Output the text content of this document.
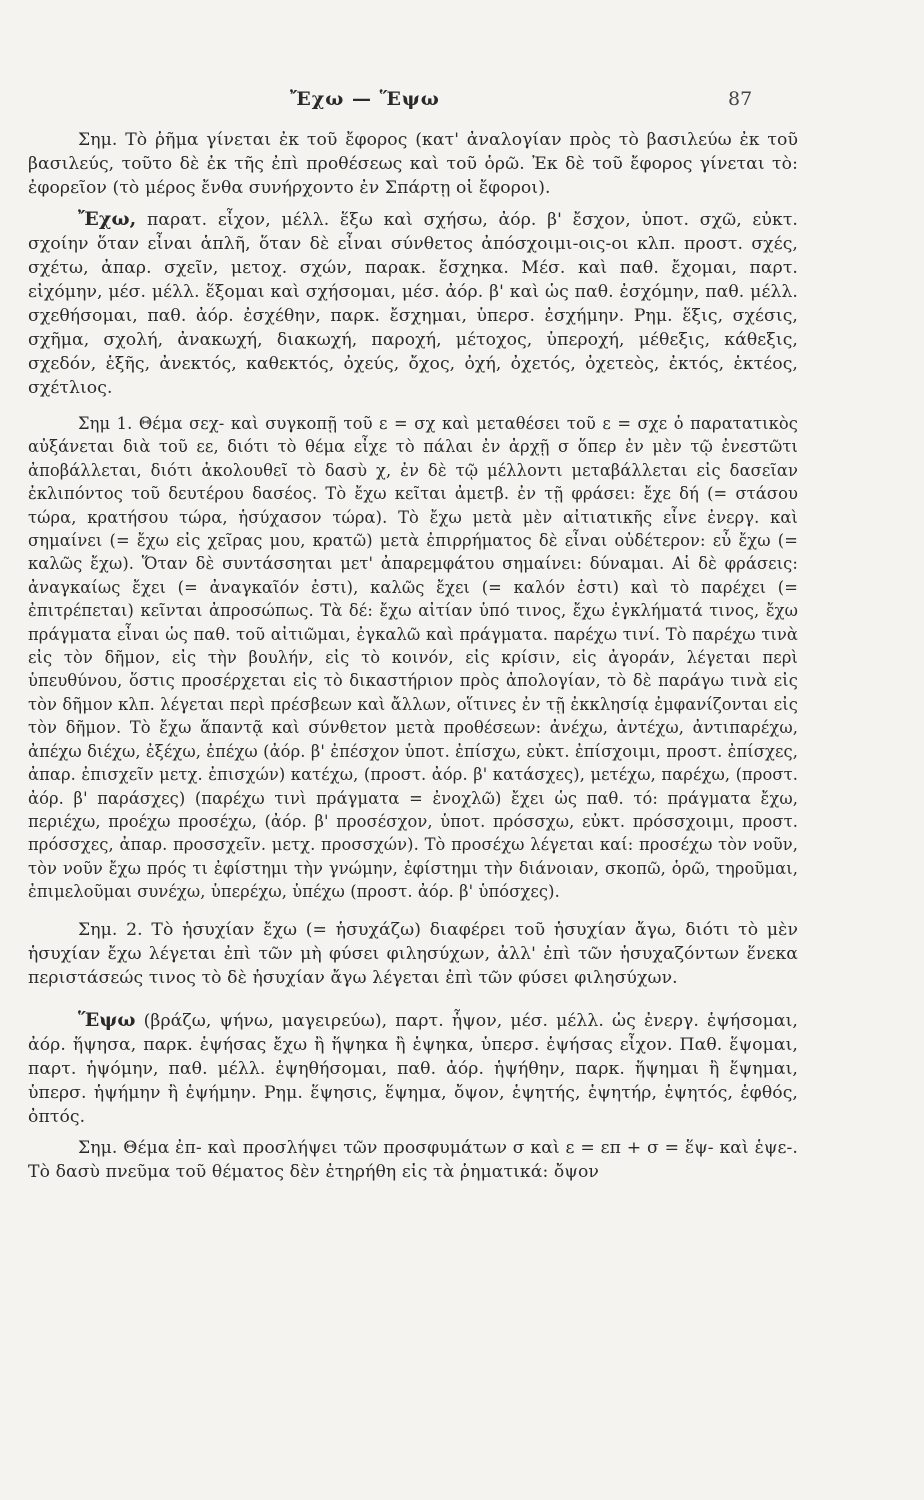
Ἔχω — Ἕψω	87

Σημ. Τὸ ῥῆμα γίνεται ἐκ τοῦ ἔφορος (κατ' ἀναλογίαν πρὸς τὸ βασιλεύω ἐκ τοῦ βασιλεύς, τοῦτο δὲ ἐκ τῆς ἐπὶ προθέσεως καὶ τοῦ ὁρῶ. Ἐκ δὲ τοῦ ἔφορος γίνεται τὸ: ἐφορεῖον (τὸ μέρος ἔνθα συνήρχοντο ἐν Σπάρτῃ οἱ ἔφοροι).

Ἔχω, παρατ. εἶχον, μέλλ. ἕξω καὶ σχήσω, ἀόρ. β' ἔσχον, ὑποτ. σχῶ, εὐκτ. σχοίην ὅταν εἶναι ἁπλῆ, ὅταν δὲ εἶναι σύνθετος ἀπόσχοιμι-οις-οι κλπ. προστ. σχές, σχέτω, ἀπαρ. σχεῖν, μετοχ. σχών, παρακ. ἔσχηκα. Μέσ. καὶ παθ. ἔχομαι, παρτ. εἰχόμην, μέσ. μέλλ. ἕξομαι καὶ σχήσομαι, μέσ. ἀόρ. β' καὶ ὡς παθ. ἐσχόμην, παθ. μέλλ. σχεθήσομαι, παθ. ἀόρ. ἐσχέθην, παρκ. ἔσχημαι, ὑπερσ. ἐσχήμην. Ρημ. ἕξις, σχέσις, σχῆμα, σχολή, ἀνακωχή, διακωχή, παροχή, μέτοχος, ὑπεροχή, μέθεξις, κάθεξις, σχεδόν, ἑξῆς, ἀνεκτός, καθεκτός, ὀχεύς, ὄχος, ὀχή, ὀχετός, ὀχετεὸς, ἐκτός, ἑκτέος, σχέτλιος.

Σημ 1. Θέμα σεχ- καὶ συγκοπῇ τοῦ ε = σχ καὶ μεταθέσει τοῦ ε = σχε ὁ παρατατικὸς αὐξάνεται διὰ τοῦ εε, διότι τὸ θέμα εἶχε τὸ πάλαι ἐν ἀρχῇ σ ὅπερ ἐν μὲν τῷ ἐνεστῶτι ἀποβάλλεται, διότι ἀκολουθεῖ τὸ δασὺ χ, ἐν δὲ τῷ μέλλοντι μεταβάλλεται εἰς δασεῖαν ἐκλιπόντος τοῦ δευτέρου δασέος. Τὸ ἔχω κεῖται ἀμετβ. ἐν τῇ φράσει: ἔχε δή (= στάσου τώρα, κρατήσου τώρα, ἡσύχασον τώρα). Τὸ ἔχω μετὰ μὲν αἰτιατικῆς εἶνε ἐνεργ. καὶ σημαίνει (= ἔχω εἰς χεῖρας μου, κρατῶ) μετὰ ἐπιρρήματος δὲ εἶναι οὐδέτερον: εὖ ἔχω (= καλῶς ἔχω). Ὅταν δὲ συντάσσηται μετ' ἀπαρεμφάτου σημαίνει: δύναμαι. Αἱ δὲ φράσεις: ἀναγκαίως ἔχει (= ἀναγκαῖόν ἐστι), καλῶς ἔχει (= καλόν ἐστι) καὶ τὸ παρέχει (= ἐπιτρέπεται) κεῖνται ἀπροσώπως. Τὰ δέ: ἔχω αἰτίαν ὑπό τινος, ἔχω ἐγκλήματά τινος, ἔχω πράγματα εἶναι ὡς παθ. τοῦ αἰτιῶμαι, ἐγκαλῶ καὶ πράγματα. παρέχω τινί. Τὸ παρέχω τινὰ εἰς τὸν δῆμον, εἰς τὴν βουλήν, εἰς τὸ κοινόν, εἰς κρίσιν, εἰς ἀγοράν, λέγεται περὶ ὑπευθύνου, ὅστις προσέρχεται εἰς τὸ δικαστήριον πρὸς ἀπολογίαν, τὸ δὲ παράγω τινὰ εἰς τὸν δῆμον κλπ. λέγεται περὶ πρέσβεων καὶ ἄλλων, οἵτινες ἐν τῇ ἐκκλησίᾳ ἐμφανίζονται εἰς τὸν δῆμον. Τὸ ἔχω ἅπαντᾷ καὶ σύνθετον μετὰ προθέσεων: ἀνέχω, ἀντέχω, ἀντιπαρέχω, ἀπέχω διέχω, ἐξέχω, ἐπέχω (ἀόρ. β' ἐπέσχον ὑποτ. ἐπίσχω, εὐκτ. ἐπίσχοιμι, προστ. ἐπίσχες, ἀπαρ. ἐπισχεῖν μετχ. ἐπισχών) κατέχω, (προστ. ἀόρ. β' κατάσχες), μετέχω, παρέχω, (προστ. ἀόρ. β' παράσχες) (παρέχω τινὶ πράγματα = ἐνοχλῶ) ἔχει ὡς παθ. τό: πράγματα ἔχω, περιέχω, προέχω προσέχω, (ἀόρ. β' προσέσχον, ὑποτ. πρόσσχω, εὐκτ. πρόσσχοιμι, προστ. πρόσσχες, ἀπαρ. προσσχεῖν. μετχ. προσσχών). Τὸ προσέχω λέγεται καί: προσέχω τὸν νοῦν, τὸν νοῦν ἔχω πρός τι ἐφίστημι τὴν γνώμην, ἐφίστημι τὴν διάνοιαν, σκοπῶ, ὁρῶ, τηροῦμαι, ἐπιμελοῦμαι συνέχω, ὑπερέχω, ὑπέχω (προστ. ἀόρ. β' ὑπόσχες).

Σημ. 2. Τὸ ἡσυχίαν ἔχω (= ἡσυχάζω) διαφέρει τοῦ ἡσυχίαν ἄγω, διότι τὸ μὲν ἡσυχίαν ἔχω λέγεται ἐπὶ τῶν μὴ φύσει φιλησύχων, ἀλλ' ἐπὶ τῶν ἡσυχαζόντων ἕνεκα περιστάσεώς τινος τὸ δὲ ἡσυχίαν ἄγω λέγεται ἐπὶ τῶν φύσει φιλησύχων.

Ἕψω (βράζω, ψήνω, μαγειρεύω), παρτ. ἧψον, μέσ. μέλλ. ὡς ἐνεργ. ἑψήσομαι, ἀόρ. ἥψησα, παρκ. ἑψήσας ἔχω ἢ ἥψηκα ἢ ἑψηκα, ὑπερσ. ἑψήσας εἶχον. Παθ. ἕψομαι, παρτ. ἡψόμην, παθ. μέλλ. ἑψηθήσομαι, παθ. ἀόρ. ἡψήθην, παρκ. ἥψημαι ἢ ἕψημαι, ὑπερσ. ἡψήμην ἢ ἑψήμην. Ρημ. ἕψησις, ἕψημα, ὄψον, ἑψητής, ἑψητήρ, ἑψητός, ἑφθός, ὀπτός.

Σημ. Θέμα ἐπ- καὶ προσλήψει τῶν προσφυμάτων σ καὶ ε = επ + σ = ἕψ- καὶ ἑψε-. Τὸ δασὺ πνεῦμα τοῦ θέματος δὲν ἐτηρήθη εἰς τὰ ῥηματικά: ὄψον
